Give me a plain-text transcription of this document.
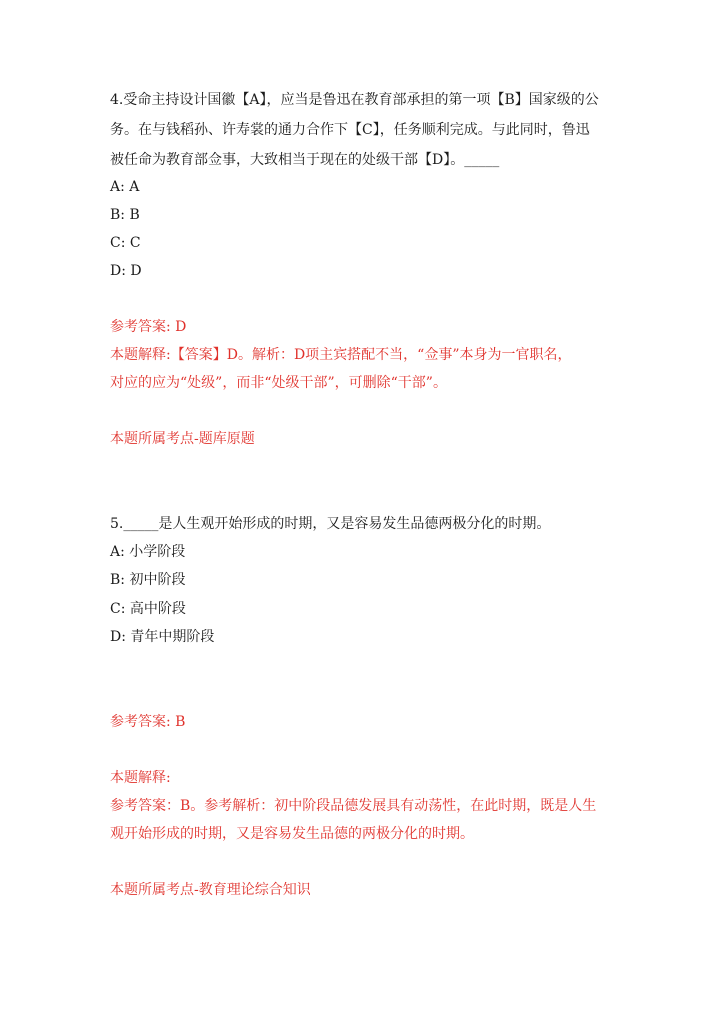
4.受命主持设计国徽【A】，应当是鲁迅在教育部承担的第一项【B】国家级的公
务。在与钱稻孙、许寿裳的通力合作下【C】，任务顺利完成。与此同时，鲁迅
被任命为教育部佥事，大致相当于现在的处级干部【D】。_____
A: A
B: B
C: C
D: D
参考答案: D
本题解释:【答案】D。解析：D项主宾搭配不当，“佥事”本身为一官职名，
对应的应为“处级”，而非“处级干部”，可删除“干部”。
本题所属考点-题库原题
5._____是人生观开始形成的时期，又是容易发生品德两极分化的时期。
A: 小学阶段
B: 初中阶段
C: 高中阶段
D: 青年中期阶段
参考答案: B
本题解释:
参考答案：B。参考解析：初中阶段品德发展具有动荡性，在此时期，既是人生
观开始形成的时期，又是容易发生品德的两极分化的时期。
本题所属考点-教育理论综合知识
